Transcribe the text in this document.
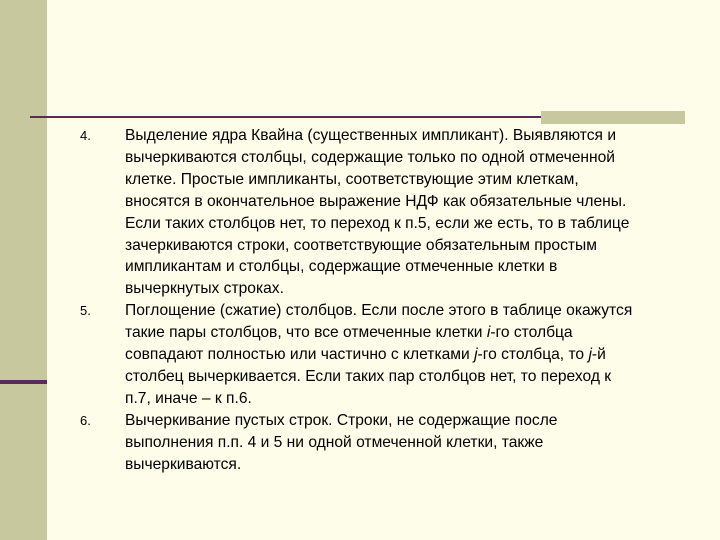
4.	Выделение ядра Квайна (существенных импликант). Выявляются и вычеркиваются столбцы, содержащие только по одной отмеченной клетке. Простые импликанты, соответствующие этим клеткам, вносятся в окончательное выражение НДФ как обязательные члены. Если таких столбцов нет, то переход к п.5, если же есть, то в таблице зачеркиваются строки, соответствующие обязательным простым импликантам и столбцы, содержащие отмеченные клетки в вычеркнутых строках.
5.	Поглощение (сжатие) столбцов. Если после этого в таблице окажутся такие пары столбцов, что все отмеченные клетки i-го столбца совпадают полностью или частично с клетками j-го столбца, то j-й столбец вычеркивается. Если таких пар столбцов нет, то переход к п.7, иначе – к п.6.
6.	Вычеркивание пустых строк. Строки, не содержащие после выполнения п.п. 4 и 5 ни одной отмеченной клетки, также вычеркиваются.
